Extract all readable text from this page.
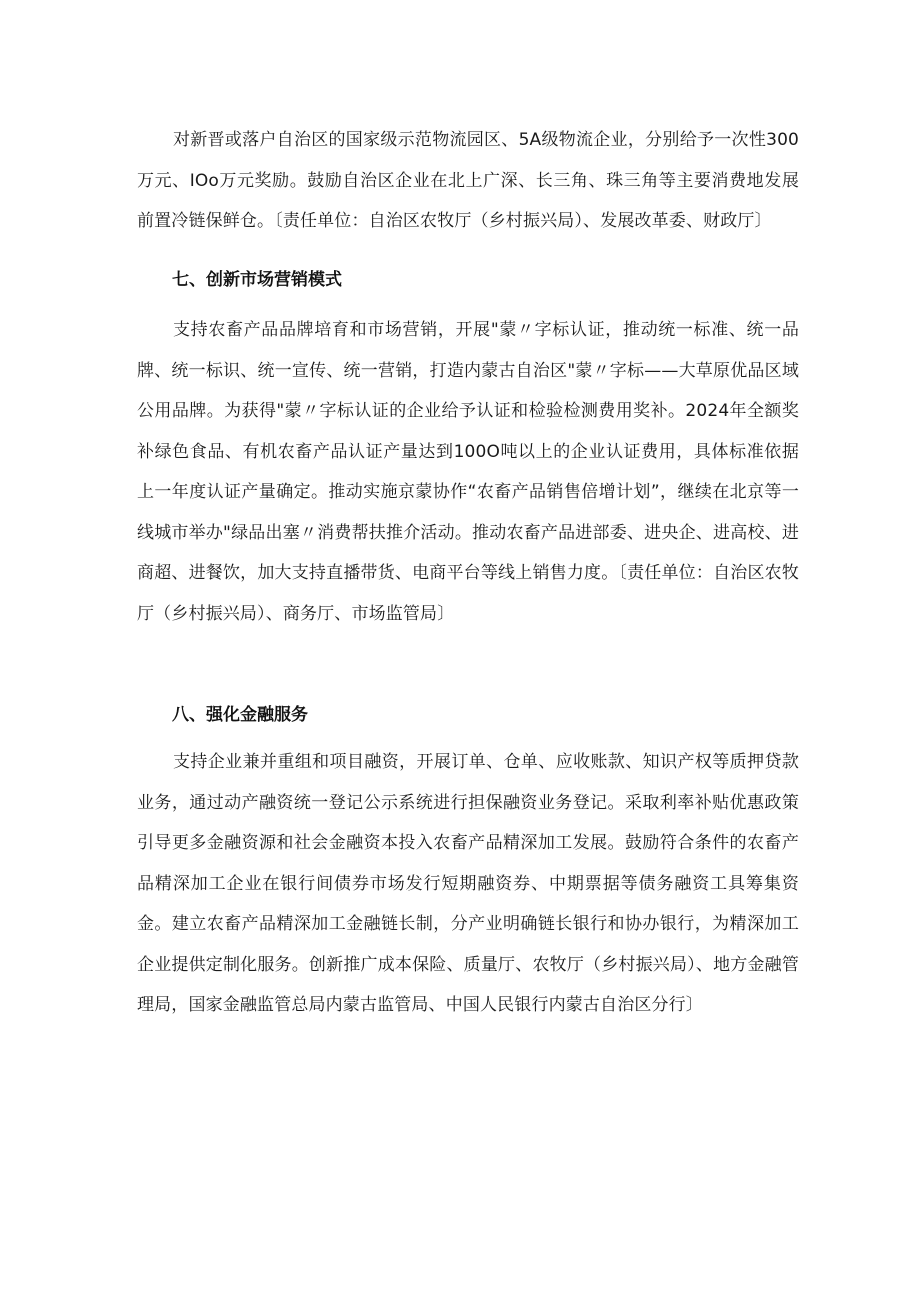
对新晋或落户自治区的国家级示范物流园区、5A级物流企业，分别给予一次性300万元、IOo万元奖励。鼓励自治区企业在北上广深、长三角、珠三角等主要消费地发展前置冷链保鲜仓。〔责任单位：自治区农牧厅（乡村振兴局）、发展改革委、财政厅〕

七、创新市场营销模式

支持农畜产品品牌培育和市场营销，开展"蒙〃字标认证，推动统一标准、统一品牌、统一标识、统一宣传、统一营销，打造内蒙古自治区"蒙〃字标——大草原优品区域公用品牌。为获得"蒙〃字标认证的企业给予认证和检验检测费用奖补。2024年全额奖补绿色食品、有机农畜产品认证产量达到100O吨以上的企业认证费用，具体标准依据上一年度认证产量确定。推动实施京蒙协作“农畜产品销售倍增计划”，继续在北京等一线城市举办"绿品出塞〃消费帮扶推介活动。推动农畜产品进部委、进央企、进高校、进商超、进餐饮，加大支持直播带货、电商平台等线上销售力度。〔责任单位：自治区农牧厅（乡村振兴局）、商务厅、市场监管局〕

八、强化金融服务

支持企业兼并重组和项目融资，开展订单、仓单、应收账款、知识产权等质押贷款业务，通过动产融资统一登记公示系统进行担保融资业务登记。采取利率补贴优惠政策引导更多金融资源和社会金融资本投入农畜产品精深加工发展。鼓励符合条件的农畜产品精深加工企业在银行间债券市场发行短期融资券、中期票据等债务融资工具筹集资金。建立农畜产品精深加工金融链长制，分产业明确链长银行和协办银行，为精深加工企业提供定制化服务。创新推广成本保险、质量厅、农牧厅（乡村振兴局）、地方金融管理局，国家金融监管总局内蒙古监管局、中国人民银行内蒙古自治区分行〕
